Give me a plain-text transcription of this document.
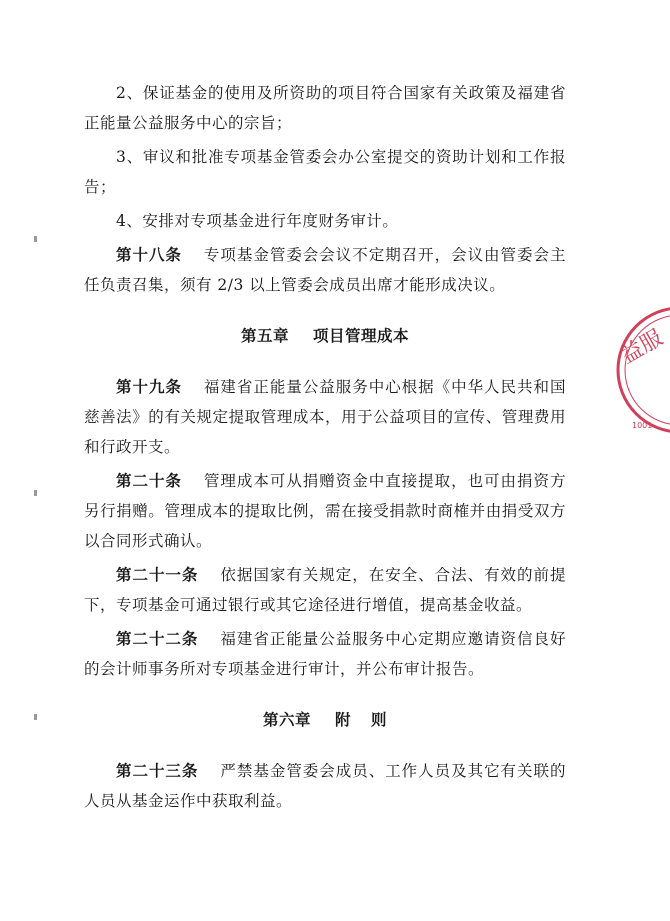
2、保证基金的使用及所资助的项目符合国家有关政策及福建省正能量公益服务中心的宗旨；

3、审议和批准专项基金管委会办公室提交的资助计划和工作报告；

4、安排对专项基金进行年度财务审计。

第十八条 专项基金管委会会议不定期召开，会议由管委会主任负责召集，须有 2/3 以上管委会成员出席才能形成决议。

第五章 项目管理成本

第十九条 福建省正能量公益服务中心根据《中华人民共和国慈善法》的有关规定提取管理成本，用于公益项目的宣传、管理费用和行政开支。

第二十条 管理成本可从捐赠资金中直接提取，也可由捐资方另行捐赠。管理成本的提取比例，需在接受捐款时商榷并由捐受双方以合同形式确认。

第二十一条 依据国家有关规定，在安全、合法、有效的前提下，专项基金可通过银行或其它途径进行增值，提高基金收益。

第二十二条 福建省正能量公益服务中心定期应邀请资信良好的会计师事务所对专项基金进行审计，并公布审计报告。

第六章 附 则

第二十三条 严禁基金管委会成员、工作人员及其它有关联的人员从基金运作中获取利益。

益服
1001
